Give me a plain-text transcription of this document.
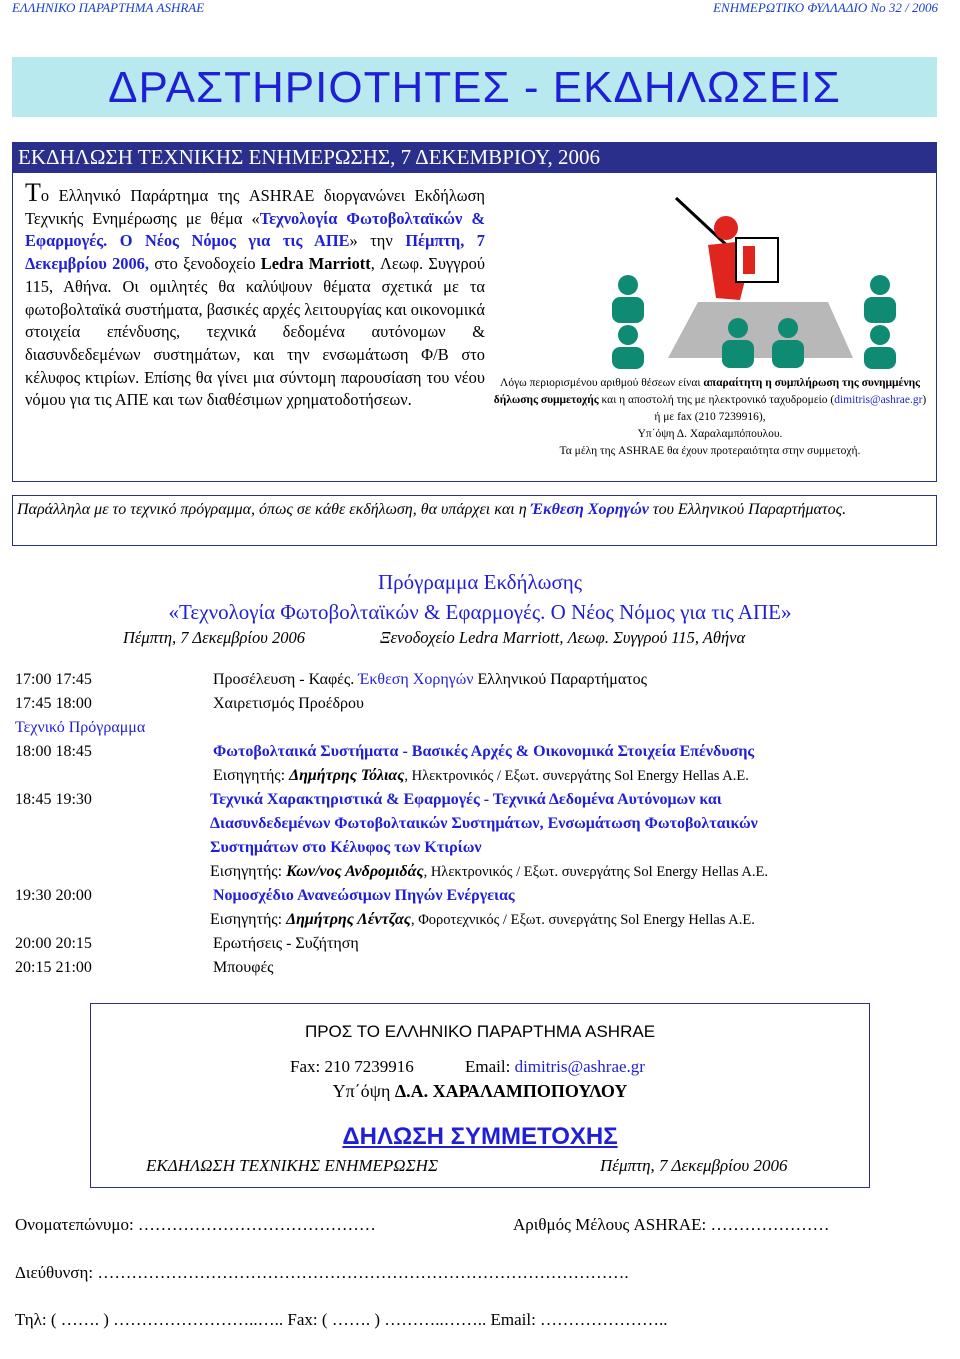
ΕΛΛΗΝΙΚΟ ΠΑΡΑΡΤΗΜΑ ASHRAE	ΕΝΗΜΕΡΩΤΙΚΟ ΦΥΛΛΑΔΙΟ Νο 32 / 2006
ΔΡΑΣΤΗΡΙΟΤΗΤΕΣ - ΕΚΔΗΛΩΣΕΙΣ
ΕΚΔΗΛΩΣΗ ΤΕΧΝΙΚΗΣ ΕΝΗΜΕΡΩΣΗΣ, 7 ΔΕΚΕΜΒΡΙΟΥ, 2006
Το Ελληνικό Παράρτημα της ASHRAE διοργανώνει Εκδήλωση Τεχνικής Ενημέρωσης με θέμα «Τεχνολογία Φωτοβολταϊκών & Εφαρμογές. Ο Νέος Νόμος για τις ΑΠΕ» την Πέμπτη, 7 Δεκεμβρίου 2006, στο ξενοδοχείο Ledra Marriott, Λεωφ. Συγγρού 115, Αθήνα. Οι ομιλητές θα καλύψουν θέματα σχετικά με τα φωτοβολταϊκά συστήματα, βασικές αρχές λειτουργίας και οικονομικά στοιχεία επένδυσης, τεχνικά δεδομένα αυτόνομων & διασυνδεδεμένων συστημάτων, και την ενσωμάτωση Φ/Β στο κέλυφος κτιρίων. Επίσης θα γίνει μια σύντομη παρουσίαση του νέου νόμου για τις ΑΠΕ και των διαθέσιμων χρηματοδοτήσεων.
Λόγω περιορισμένου αριθμού θέσεων είναι απαραίτητη η συμπλήρωση της συνημμένης δήλωσης συμμετοχής και η αποστολή της με ηλεκτρονικό ταχυδρομείο (dimitris@ashrae.gr)
ή με fax (210 7239916),
Υπ΄όψη Δ. Χαραλαμπόπουλου.
Τα μέλη της ASHRAE θα έχουν προτεραιότητα στην συμμετοχή.
Παράλληλα με το τεχνικό πρόγραμμα, όπως σε κάθε εκδήλωση, θα υπάρχει και η Έκθεση Χορηγών του Ελληνικού Παραρτήματος.
Πρόγραμμα Εκδήλωσης
«Τεχνολογία Φωτοβολταϊκών & Εφαρμογές. Ο Νέος Νόμος για τις ΑΠΕ»
Πέμπτη, 7 Δεκεμβρίου 2006	Ξενοδοχείο Ledra Marriott, Λεωφ. Συγγρού 115, Αθήνα
17:00 17:45	Προσέλευση - Καφές. Έκθεση Χορηγών Ελληνικού Παραρτήματος
17:45 18:00	Χαιρετισμός Προέδρου
Τεχνικό Πρόγραμμα
18:00 18:45	Φωτοβολταικά Συστήματα - Βασικές Αρχές & Οικονομικά Στοιχεία Επένδυσης
Εισηγητής: Δημήτρης Τόλιας, Ηλεκτρονικός / Εξωτ. συνεργάτης Sol Energy Hellas A.E.
18:45 19:30	Τεχνικά Χαρακτηριστικά & Εφαρμογές - Τεχνικά Δεδομένα Αυτόνομων και
Διασυνδεδεμένων Φωτοβολταικών Συστημάτων, Ενσωμάτωση Φωτοβολταικών
Συστημάτων στο Κέλυφος των Κτιρίων
Εισηγητής: Κων/νος Ανδρομιδάς, Ηλεκτρονικός / Εξωτ. συνεργάτης Sol Energy Hellas A.E.
19:30 20:00	Νομοσχέδιο Ανανεώσιμων Πηγών Ενέργειας
Εισηγητής: Δημήτρης Λέντζας, Φοροτεχνικός / Εξωτ. συνεργάτης Sol Energy Hellas A.E.
20:00 20:15	Ερωτήσεις - Συζήτηση
20:15 21:00	Μπουφές
ΠΡΟΣ ΤΟ ΕΛΛΗΝΙΚΟ ΠΑΡΑΡΤΗΜΑ ASHRAE
Fax: 210 7239916	Email: dimitris@ashrae.gr
Υπ΄όψη Δ.Α. ΧΑΡΑΛΑΜΠΟΠΟΥΛΟΥ
ΔΗΛΩΣΗ ΣΥΜΜΕΤΟΧΗΣ
ΕΚΔΗΛΩΣΗ ΤΕΧΝΙΚΗΣ ΕΝΗΜΕΡΩΣΗΣ	Πέμπτη, 7 Δεκεμβρίου 2006
Ονοματεπώνυμο: ……………………………………	Αριθμός Μέλους ASHRAE: …………………
Διεύθυνση: ………………………………………………………………………………….
Τηλ: ( ……. ) ……………………..….. Fax: ( ……. ) ………..…….. Email: …………………..
